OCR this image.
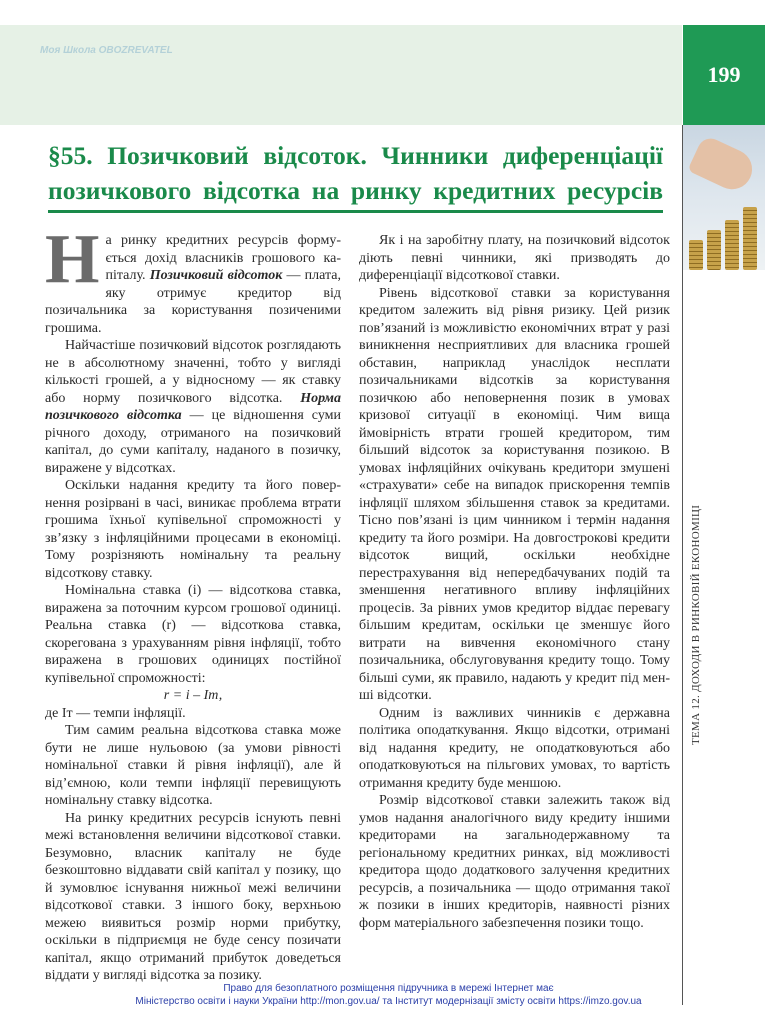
Моя Школа OBOZREVATEL
199
§55. Позичковий відсоток. Чинники диференціації позичкового відсотка на ринку кредитних ресурсів

На ринку кредитних ресурсів формується дохід власників грошового капіталу. Позичковий відсоток — плата, яку отримує кредитор від позичальника за користування позиченими грошима.

Найчастіше позичковий відсоток розглядають не в абсолютному значенні, тобто у вигляді кількості грошей, а у відносному — як ставку або норму позичкового відсотка. Норма позичкового відсотка — це відношення суми річного доходу, отриманого на позичковий капітал, до суми капіталу, наданого в позичку, виражене у відсотках.

Оскільки надання кредиту та його повернення розірвані в часі, виникає проблема втрати грошима їхньої купівельної спроможності у зв’язку з інфляційними процесами в економіці. Тому розрізняють номінальну та реальну відсоткову ставку.

Номінальна ставка (i) — відсоткова ставка, виражена за поточним курсом грошової одиниці. Реальна ставка (r) — відсоткова ставка, скорегована з урахуванням рівня інфляції, тобто виражена в грошових одиницях постійної купівельної спроможності:

r = i – Iт,

де Iт — темпи інфляції.

Тим самим реальна відсоткова ставка може бути не лише нульовою (за умови рівності номінальної ставки й рівня інфляції), але й від’ємною, коли темпи інфляції перевищують номінальну ставку відсотка.

На ринку кредитних ресурсів існують певні межі встановлення величини відсоткової ставки. Безумовно, власник капіталу не буде безкоштовно віддавати свій капітал у позику, що й зумовлює існування нижньої межі величини відсоткової ставки. З іншого боку, верхньою межею виявиться розмір норми прибутку, оскільки в підприємця не буде сенсу позичати капітал, якщо отриманий прибуток доведеться віддати у вигляді відсотка за позику.

Як і на заробітну плату, на позичковий відсоток діють певні чинники, які призводять до диференціації відсоткової ставки.

Рівень відсоткової ставки за користування кредитом залежить від рівня ризику. Цей ризик пов’язаний із можливістю економічних втрат у разі виникнення несприятливих для власника грошей обставин, наприклад унаслідок несплати позичальниками відсотків за користування позичкою або неповернення позик в умовах кризової ситуації в економіці. Чим вища ймовірність втрати грошей кредитором, тим більший відсоток за користування позикою. В умовах інфляційних очікувань кредитори змушені «страхувати» себе на випадок прискорення темпів інфляції шляхом збільшення ставок за кредитами. Тісно пов’язані із цим чинником і термін надання кредиту та його розміри. На довгострокові кредити відсоток вищий, оскільки необхідне перестрахування від непередбачуваних подій та зменшення негативного впливу інфляційних процесів. За рівних умов кредитор віддає перевагу більшим кредитам, оскільки це зменшує його витрати на вивчення економічного стану позичальника, обслуговування кредиту тощо. Тому більші суми, як правило, надають у кредит під менші відсотки.

Одним із важливих чинників є державна політика оподаткування. Якщо відсотки, отримані від надання кредиту, не оподатковуються або оподатковуються на пільгових умовах, то вартість отримання кредиту буде меншою.

Розмір відсоткової ставки залежить також від умов надання аналогічного виду кредиту іншими кредиторами на загальнодержавному та регіональному кредитних ринках, від можливості кредитора щодо додаткового залучення кредитних ресурсів, а позичальника — щодо отримання такої ж позики в інших кредиторів, наявності різних форм матеріального забезпечення позики тощо.

ТЕМА 12. ДОХОДИ В РИНКОВІЙ ЕКОНОМІЦІ
Право для безоплатного розміщення підручника в мережі Інтернет має
Міністерство освіти і науки України http://mon.gov.ua/ та Інститут модернізації змісту освіти https://imzo.gov.ua
